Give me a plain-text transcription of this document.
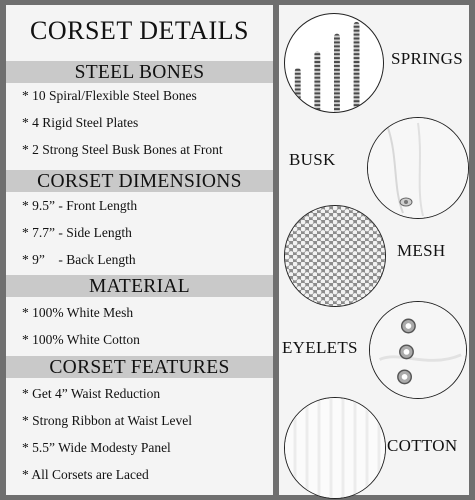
CORSET DETAILS
STEEL BONES
* 10 Spiral/Flexible Steel Bones
* 4 Rigid Steel Plates
* 2 Strong Steel Busk Bones at Front
CORSET DIMENSIONS
* 9.5” - Front Length
* 7.7” - Side Length
* 9”    - Back Length
MATERIAL
* 100% White Mesh
* 100% White Cotton
CORSET FEATURES
* Get 4” Waist Reduction
* Strong Ribbon at Waist Level
* 5.5” Wide Modesty Panel
* All Corsets are Laced
SPRINGS
BUSK
MESH
EYELETS
COTTON
